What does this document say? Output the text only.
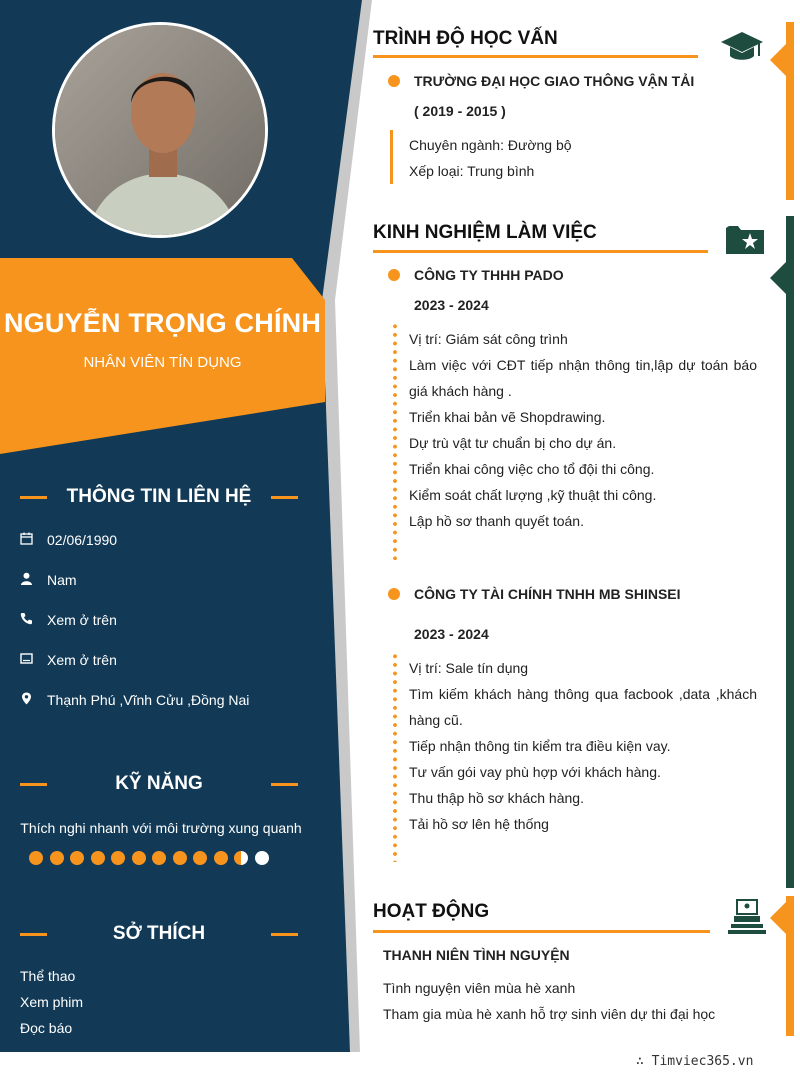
NGUYỄN TRỌNG CHÍNH
NHÂN VIÊN TÍN DỤNG
THÔNG TIN LIÊN HỆ
02/06/1990
Nam
Xem ở trên
Xem ở trên
Thạnh Phú ,Vĩnh Cửu ,Đồng Nai
KỸ NĂNG
Thích nghi nhanh với môi trường xung quanh
SỞ THÍCH
Thể thao
Xem phim
Đọc báo
TRÌNH ĐỘ HỌC VẤN
TRƯỜNG ĐẠI HỌC GIAO THÔNG VẬN TẢI
( 2019 - 2015 )
Chuyên ngành: Đường bộ
Xếp loại: Trung bình
KINH NGHIỆM LÀM VIỆC
CÔNG TY THHH PADO
2023 - 2024
Vị trí: Giám sát công trình
Làm việc với CĐT tiếp nhận thông tin,lập dự toán báo giá khách hàng .
Triển khai bản vẽ Shopdrawing.
Dự trù vật tư chuẩn bị cho dự án.
Triển khai công việc cho tổ đội thi công.
Kiểm soát chất lượng ,kỹ thuật thi công.
Lập hồ sơ thanh quyết toán.
CÔNG TY TÀI CHÍNH TNHH MB SHINSEI
2023 - 2024
Vị trí: Sale tín dụng
Tìm kiếm khách hàng thông qua facbook ,data ,khách hàng cũ.
Tiếp nhận thông tin kiểm tra điều kiện vay.
Tư vấn gói vay phù hợp với khách hàng.
Thu thập hồ sơ khách hàng.
Tải hồ sơ lên hệ thống
HOẠT ĐỘNG
THANH NIÊN TÌNH NGUYỆN
Tình nguyện viên mùa hè xanh
Tham gia mùa hè xanh hỗ trợ sinh viên dự thi đại học
∴ Timviec365.vn
